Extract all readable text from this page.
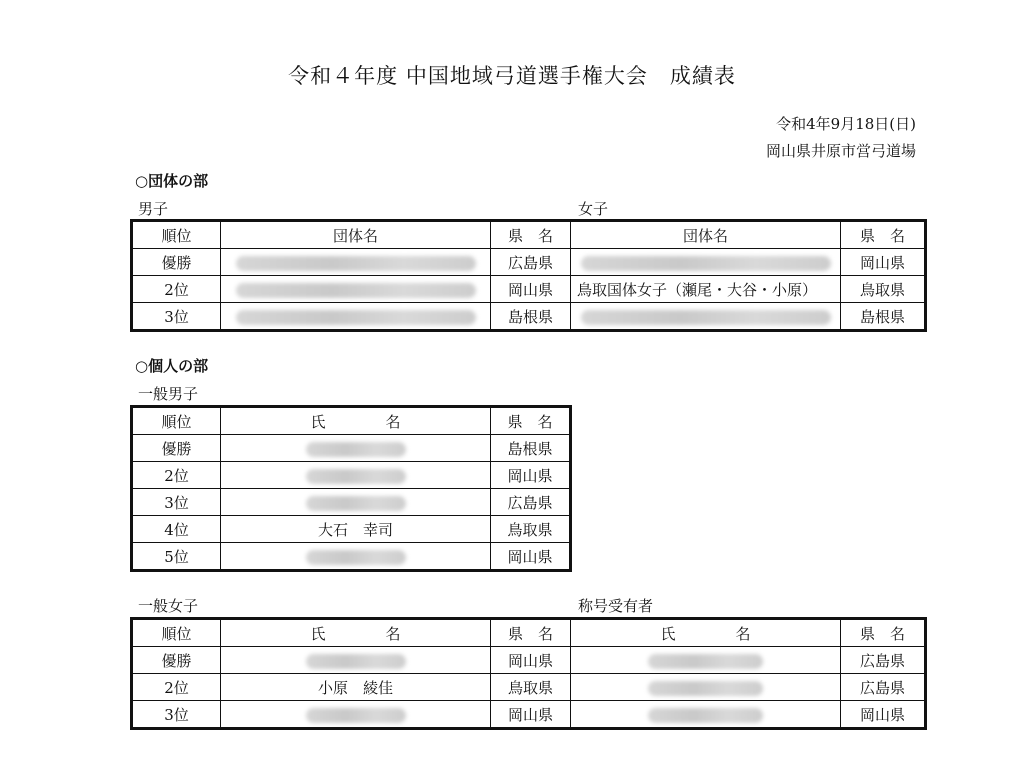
令和４年度 中国地域弓道選手権大会　成績表
令和4年9月18日(日)
岡山県井原市営弓道場
○団体の部
男子	女子
順位	団体名	県　名	団体名	県　名
優勝		広島県		岡山県
2位		岡山県	鳥取国体女子（瀬尾・大谷・小原）	鳥取県
3位		島根県		島根県
○個人の部
一般男子
順位	氏 名	県　名
優勝		島根県
2位		岡山県
3位		広島県
4位	大石　幸司	鳥取県
5位		岡山県
一般女子	称号受有者
順位	氏 名	県　名	氏 名	県　名
優勝		岡山県		広島県
2位	小原　綾佳	鳥取県		広島県
3位		岡山県		岡山県
